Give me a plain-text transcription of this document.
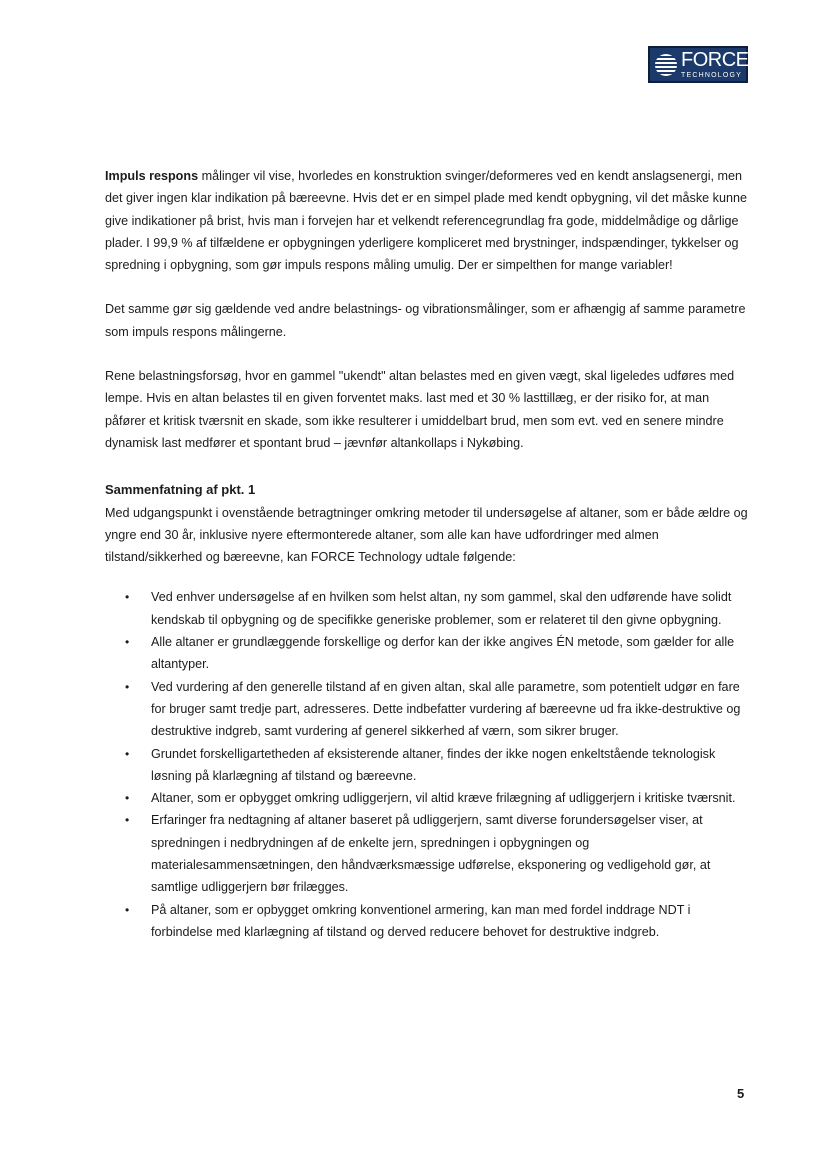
FORCE
TECHNOLOGY

Impuls respons målinger vil vise, hvorledes en konstruktion svinger/deformeres ved en kendt anslagsenergi, men det giver ingen klar indikation på bæreevne. Hvis det er en simpel plade med kendt opbygning, vil det måske kunne give indikationer på brist, hvis man i forvejen har et velkendt referencegrundlag fra gode, middelmådige og dårlige plader. I 99,9 % af tilfældene er opbygningen yderligere kompliceret med brystninger, indspændinger, tykkelser og spredning i opbygning, som gør impuls respons måling umulig. Der er simpelthen for mange variabler!

Det samme gør sig gældende ved andre belastnings- og vibrationsmålinger, som er afhængig af samme parametre som impuls respons målingerne.

Rene belastningsforsøg, hvor en gammel "ukendt" altan belastes med en given vægt, skal ligeledes udføres med lempe. Hvis en altan belastes til en given forventet maks. last med et 30 % lasttillæg, er der risiko for, at man påfører et kritisk tværsnit en skade, som ikke resulterer i umiddelbart brud, men som evt. ved en senere mindre dynamisk last medfører et spontant brud – jævnfør altankollaps i Nykøbing.

Sammenfatning af pkt. 1

Med udgangspunkt i ovenstående betragtninger omkring metoder til undersøgelse af altaner, som er både ældre og yngre end 30 år, inklusive nyere eftermonterede altaner, som alle kan have udfordringer med almen tilstand/sikkerhed og bæreevne, kan FORCE Technology udtale følgende:

• Ved enhver undersøgelse af en hvilken som helst altan, ny som gammel, skal den udførende have solidt kendskab til opbygning og de specifikke generiske problemer, som er relateret til den givne opbygning.
• Alle altaner er grundlæggende forskellige og derfor kan der ikke angives ÉN metode, som gælder for alle altantyper.
• Ved vurdering af den generelle tilstand af en given altan, skal alle parametre, som potentielt udgør en fare for bruger samt tredje part, adresseres. Dette indbefatter vurdering af bæreevne ud fra ikke-destruktive og destruktive indgreb, samt vurdering af generel sikkerhed af værn, som sikrer bruger.
• Grundet forskelligartetheden af eksisterende altaner, findes der ikke nogen enkeltstående teknologisk løsning på klarlægning af tilstand og bæreevne.
• Altaner, som er opbygget omkring udliggerjern, vil altid kræve frilægning af udliggerjern i kritiske tværsnit.
• Erfaringer fra nedtagning af altaner baseret på udliggerjern, samt diverse forundersøgelser viser, at spredningen i nedbrydningen af de enkelte jern, spredningen i opbygningen og materialesammensætningen, den håndværksmæssige udførelse, eksponering og vedligehold gør, at samtlige udliggerjern bør frilægges.
• På altaner, som er opbygget omkring konventionel armering, kan man med fordel inddrage NDT i forbindelse med klarlægning af tilstand og derved reducere behovet for destruktive indgreb.
5
